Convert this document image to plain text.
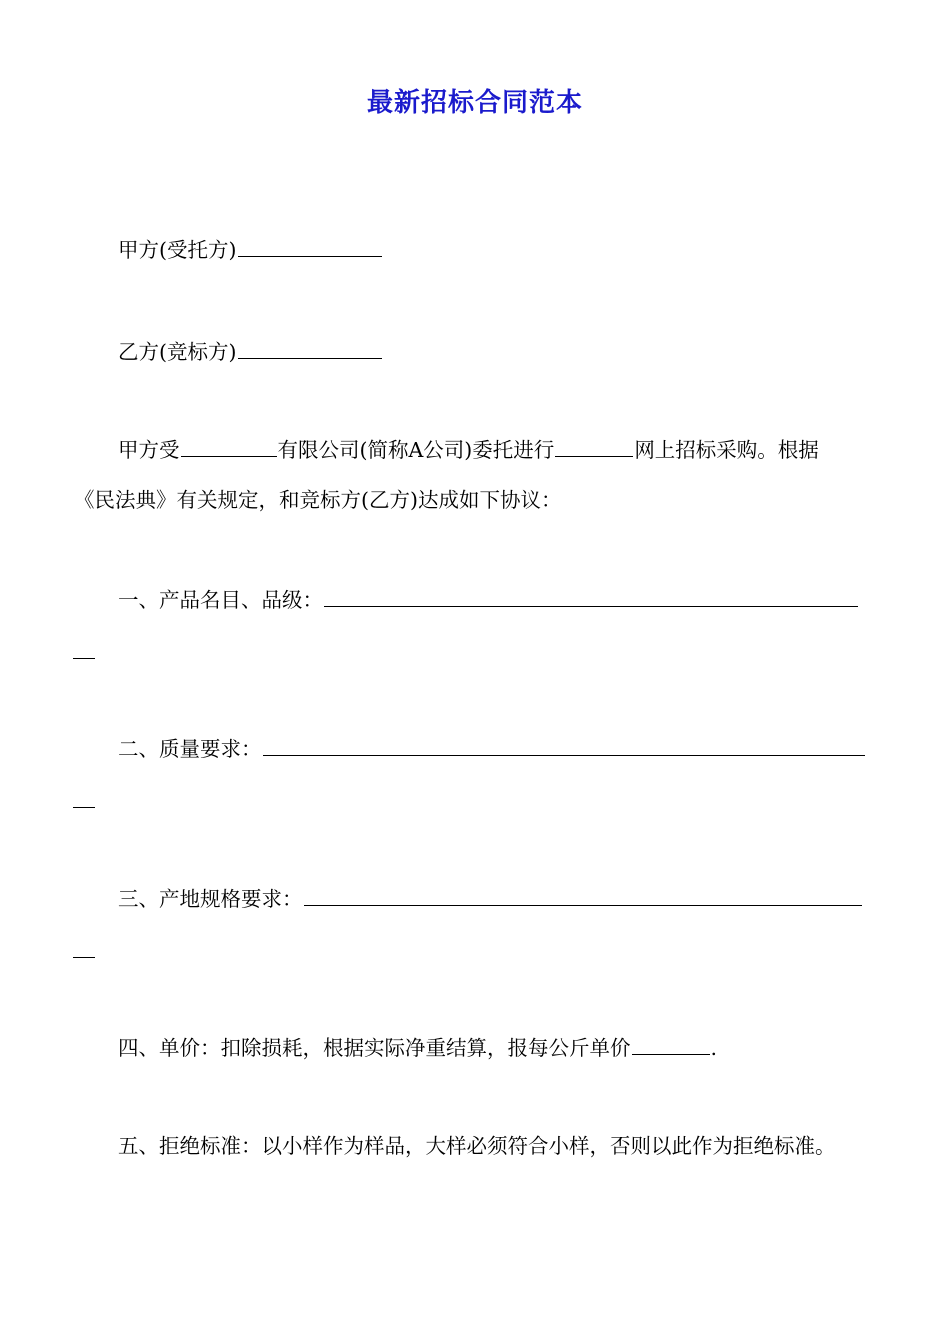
最新招标合同范本
甲方(受托方)
乙方(竞标方)
甲方受	有限公司(简称A公司)委托进行	网上招标采购。根据
《民法典》有关规定，和竞标方(乙方)达成如下协议：
一、产品名目、品级：
二、质量要求：
三、产地规格要求：
四、单价：扣除损耗，根据实际净重结算，报每公斤单价	.
五、拒绝标准：以小样作为样品，大样必须符合小样，否则以此作为拒绝标准。
